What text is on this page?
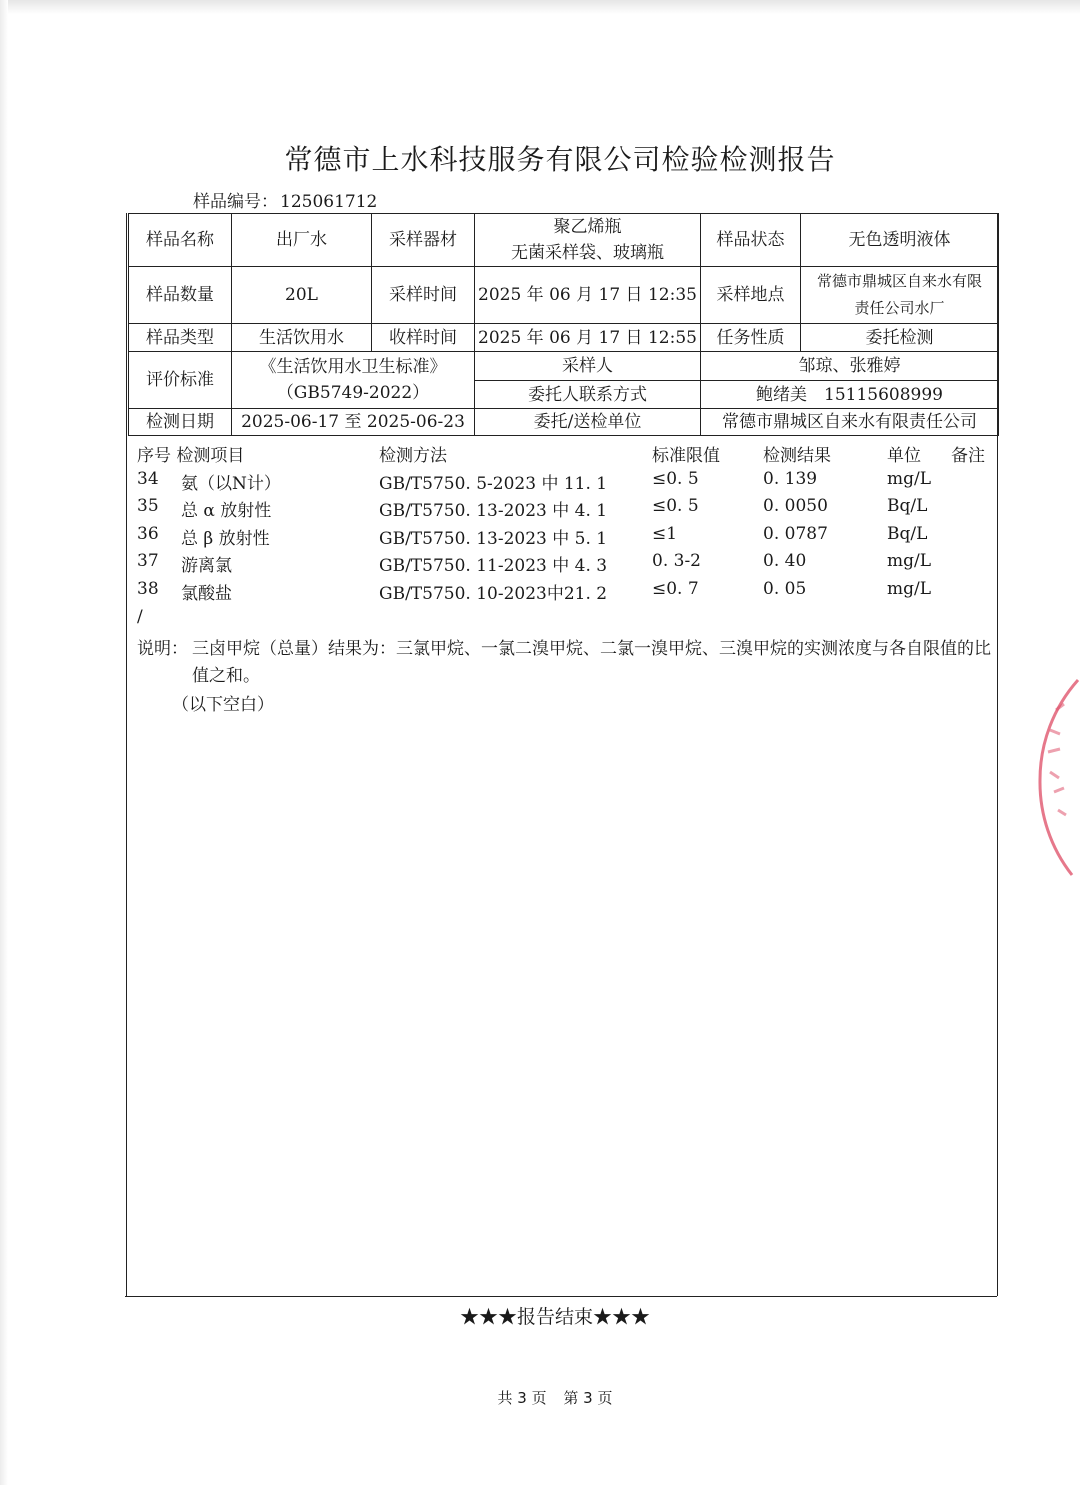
常德市上水科技服务有限公司检验检测报告
样品编号： 125061712
样品名称	出厂水	采样器材	聚乙烯瓶
无菌采样袋、玻璃瓶	样品状态	无色透明液体
样品数量	20L	采样时间	2025 年 06 月 17 日 12:35	采样地点	常德市鼎城区自来水有限
责任公司水厂

样品类型	生活饮用水	收样时间	2025 年 06 月 17 日 12:55	任务性质	委托检测
评价标准	《生活饮用水卫生标准》
（GB5749-2022）		采样人	邹琼、张雅婷	
			委托人联系方式	鲍绪美　15115608999	
检测日期	2025-06-17 至 2025-06-23		委托/送检单位	常德市鼎城区自来水有限责任公司	
序号 检测项目	检测方法	标准限值	检测结果	单位 备注
34 氨（以N计）	GB/T5750. 5-2023 中 11. 1	≤0. 5	0. 139	mg/L
35 总 α 放射性	GB/T5750. 13-2023 中 4. 1	≤0. 5	0. 0050	Bq/L
36 总 β 放射性	GB/T5750. 13-2023 中 5. 1	≤1	0. 0787	Bq/L
37 游离氯	GB/T5750. 11-2023 中 4. 3	0. 3-2	0. 40	mg/L
38 氯酸盐	GB/T5750. 10-2023中21. 2	≤0. 7	0. 05	mg/L
/
说明： 三卤甲烷（总量）结果为：三氯甲烷、一氯二溴甲烷、二氯一溴甲烷、三溴甲烷的实测浓度与各自限值的比值之和。
（以下空白）
★★★报告结束★★★
共 3 页 第 3 页
